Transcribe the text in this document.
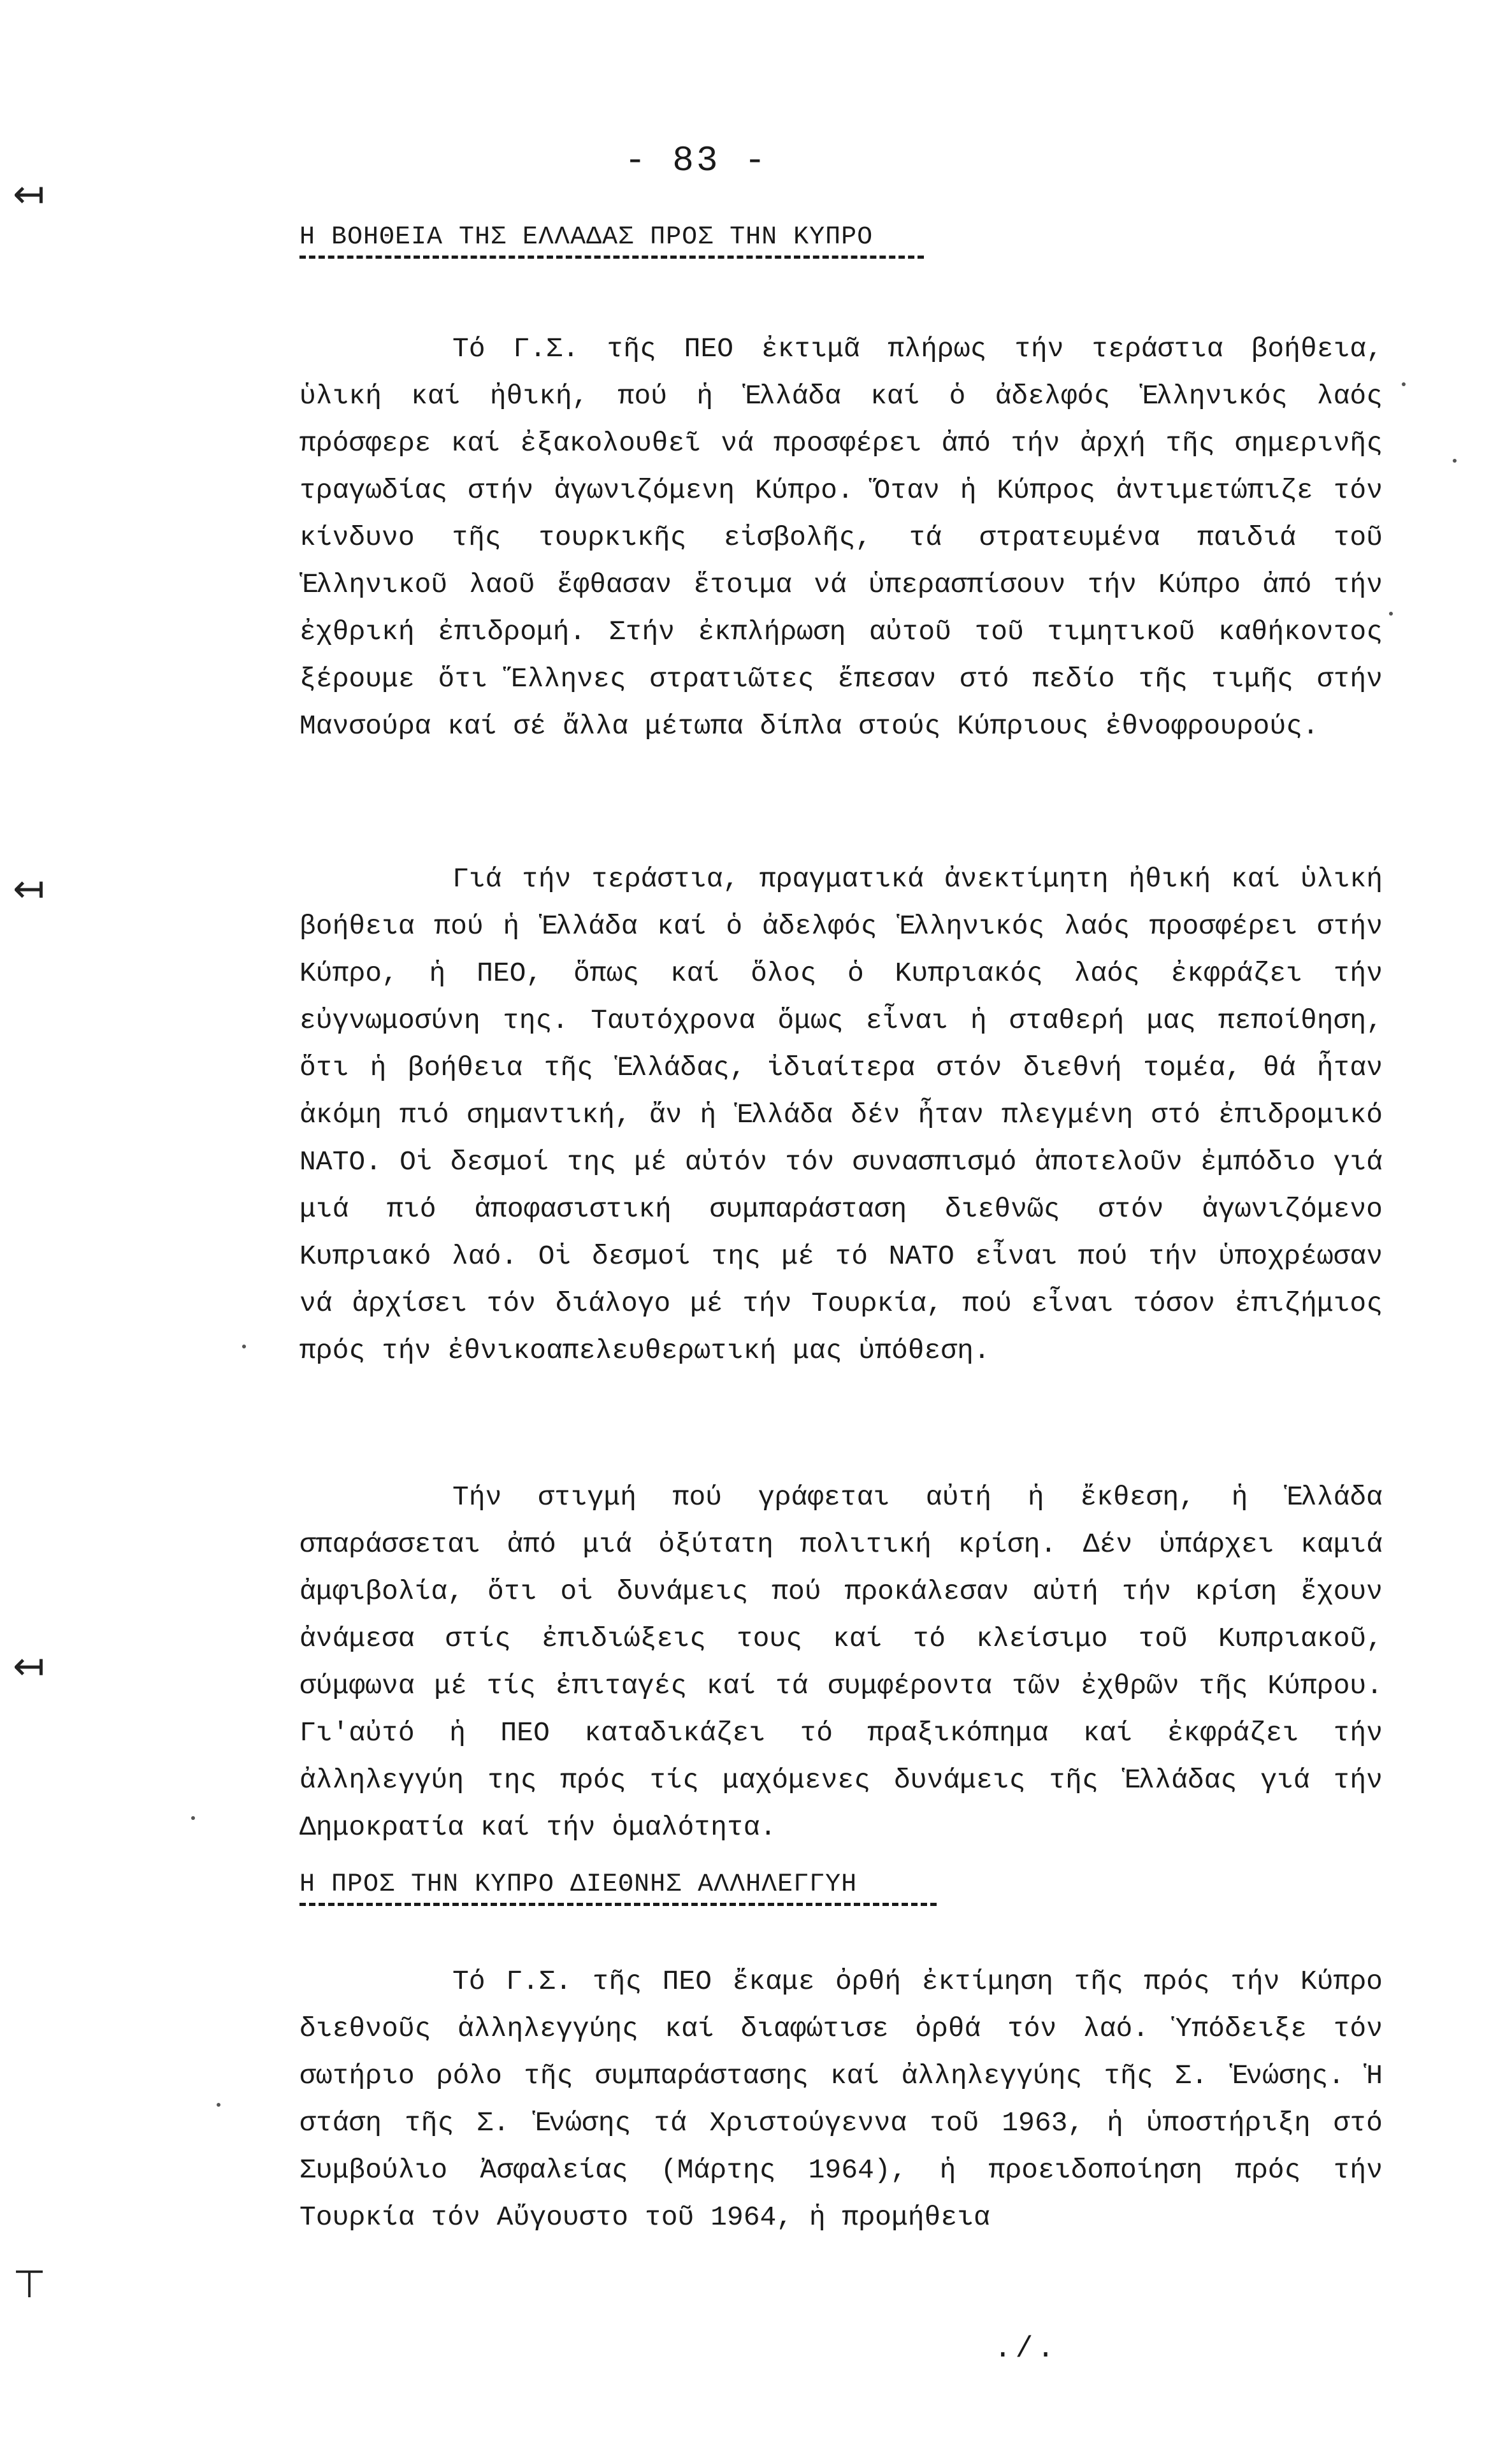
- 83 -
Η ΒΟΗΘΕΙΑ ΤΗΣ ΕΛΛΑΔΑΣ ΠΡΟΣ ΤΗΝ ΚΥΠΡΟ

Τό Γ.Σ. τῆς ΠΕΟ ἐκτιμᾶ πλήρως τήν τεράστια βοήθεια, ὑλική καί ἠθική, πού ἡ Ἑλλάδα καί ὁ ἀδελφός Ἑλληνικός λαός πρόσφερε καί ἐξακολουθεῖ νά προσφέρει ἀπό τήν ἀρχή τῆς σημερινῆς τραγωδίας στήν ἀγωνιζόμενη Κύπρο. Ὅταν ἡ Κύπρος ἀντιμετώπιζε τόν κίνδυνο τῆς τουρκικῆς εἰσβολῆς, τά στρατευμένα παιδιά τοῦ Ἑλληνικοῦ λαοῦ ἔφθασαν ἕτοιμα νά ὑπερασπίσουν τήν Κύπρο ἀπό τήν ἐχθρική ἐπιδρομή. Στήν ἐκπλήρωση αὐτοῦ τοῦ τιμητικοῦ καθήκοντος ξέρουμε ὅτι Ἕλληνες στρατιῶτες ἔπεσαν στό πεδίο τῆς τιμῆς στήν Μανσούρα καί σέ ἄλλα μέτωπα δίπλα στούς Κύπριους ἐθνοφρουρούς.

Γιά τήν τεράστια, πραγματικά ἀνεκτίμητη ἠθική καί ὑλική βοήθεια πού ἡ Ἑλλάδα καί ὁ ἀδελφός Ἑλληνικός λαός προσφέρει στήν Κύπρο, ἡ ΠΕΟ, ὅπως καί ὅλος ὁ Κυπριακός λαός ἐκφράζει τήν εὐγνωμοσύνη της. Ταυτόχρονα ὅμως εἶναι ἡ σταθερή μας πεποίθηση, ὅτι ἡ βοήθεια τῆς Ἑλλάδας, ἰδιαίτερα στόν διεθνή τομέα, θά ἦταν ἀκόμη πιό σημαντική, ἄν ἡ Ἑλλάδα δέν ἦταν πλεγμένη στό ἐπιδρομικό ΝΑΤΟ. Οἱ δεσμοί της μέ αὐτόν τόν συνασπισμό ἀποτελοῦν ἐμπόδιο γιά μιά πιό ἀποφασιστική συμπαράσταση διεθνῶς στόν ἀγωνιζόμενο Κυπριακό λαό. Οἱ δεσμοί της μέ τό ΝΑΤΟ εἶναι πού τήν ὑποχρέωσαν νά ἀρχίσει τόν διάλογο μέ τήν Τουρκία, πού εἶναι τόσον ἐπιζήμιος πρός τήν ἐθνικοαπελευθερωτική μας ὑπόθεση.

Τήν στιγμή πού γράφεται αὐτή ἡ ἔκθεση, ἡ Ἑλλάδα σπαράσσεται ἀπό μιά ὀξύτατη πολιτική κρίση. Δέν ὑπάρχει καμιά ἀμφιβολία, ὅτι οἱ δυνάμεις πού προκάλεσαν αὐτή τήν κρίση ἔχουν ἀνάμεσα στίς ἐπιδιώξεις τους καί τό κλείσιμο τοῦ Κυπριακοῦ, σύμφωνα μέ τίς ἐπιταγές καί τά συμφέροντα τῶν ἐχθρῶν τῆς Κύπρου. Γι'αὐτό ἡ ΠΕΟ καταδικάζει τό πραξικόπημα καί ἐκφράζει τήν ἀλληλεγγύη της πρός τίς μαχόμενες δυνάμεις τῆς Ἑλλάδας γιά τήν Δημοκρατία καί τήν ὁμαλότητα.

Η ΠΡΟΣ ΤΗΝ ΚΥΠΡΟ ΔΙΕΘΝΗΣ ΑΛΛΗΛΕΓΓΥΗ

Τό Γ.Σ. τῆς ΠΕΟ ἔκαμε ὀρθή ἐκτίμηση τῆς πρός τήν Κύπρο διεθνοῦς ἀλληλεγγύης καί διαφώτισε ὀρθά τόν λαό. Ὑπόδειξε τόν σωτήριο ρόλο τῆς συμπαράστασης καί ἀλληλεγγύης τῆς Σ. Ἑνώσης. Ἡ στάση τῆς Σ. Ἑνώσης τά Χριστούγεννα τοῦ 1963, ἡ ὑποστήριξη στό Συμβούλιο Ἀσφαλείας (Μάρτης 1964), ἡ προειδοποίηση πρός τήν Τουρκία τόν Αὔγουστο τοῦ 1964, ἡ προμήθεια

./.
↤
↤
↤
⊤
